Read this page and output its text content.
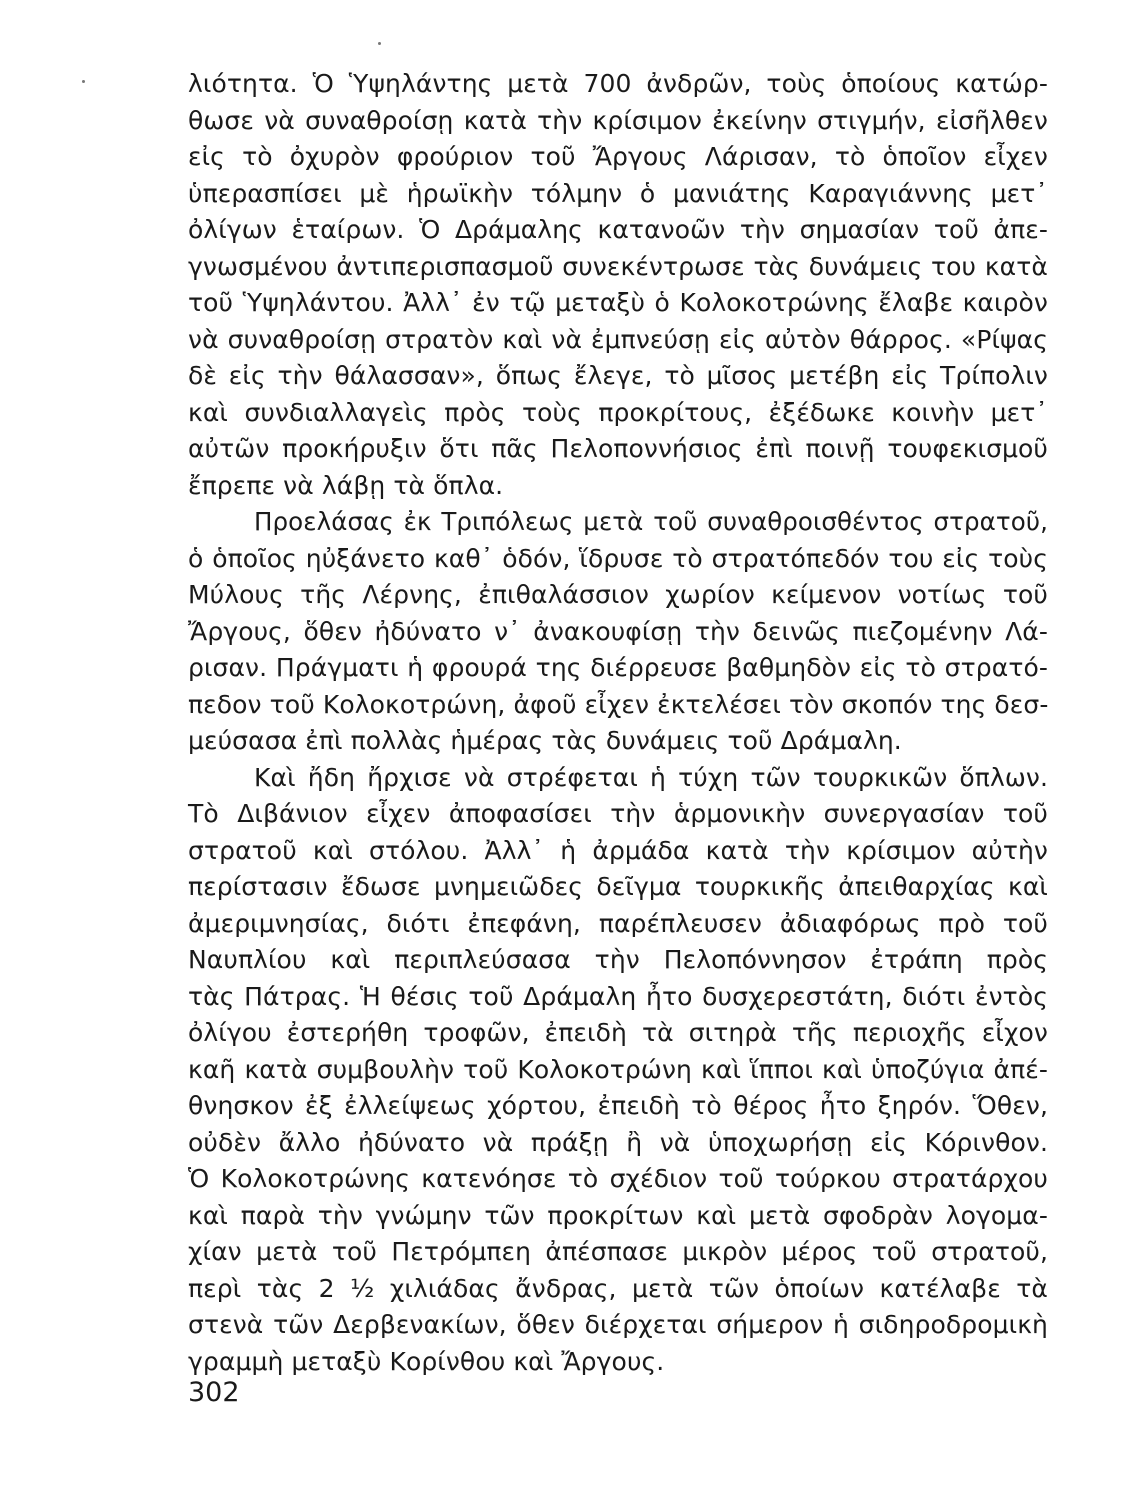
λιότητα. Ὁ Ὑψηλάντης μετὰ 700 ἀνδρῶν, τοὺς ὁποίους κατώρ-
θωσε νὰ συναθροίσῃ κατὰ τὴν κρίσιμον ἐκείνην στιγμήν, εἰσῆλθεν
εἰς τὸ ὀχυρὸν φρούριον τοῦ Ἄργους Λάρισαν, τὸ ὁποῖον εἶχεν
ὑπερασπίσει μὲ ἡρωϊκὴν τόλμην ὁ μανιάτης Καραγιάννης μετ᾿
ὀλίγων ἑταίρων. Ὁ Δράμαλης κατανοῶν τὴν σημασίαν τοῦ ἀπε-
γνωσμένου ἀντιπερισπασμοῦ συνεκέντρωσε τὰς δυνάμεις του κατὰ
τοῦ Ὑψηλάντου. Ἀλλ᾿ ἐν τῷ μεταξὺ ὁ Κολοκοτρώνης ἔλαβε καιρὸν
νὰ συναθροίσῃ στρατὸν καὶ νὰ ἐμπνεύσῃ εἰς αὐτὸν θάρρος. «Ρίψας
δὲ εἰς τὴν θάλασσαν», ὅπως ἔλεγε, τὸ μῖσος μετέβη εἰς Τρίπολιν
καὶ συνδιαλλαγεὶς πρὸς τοὺς προκρίτους, ἐξέδωκε κοινὴν μετ᾿
αὐτῶν προκήρυξιν ὅτι πᾶς Πελοποννήσιος ἐπὶ ποινῇ τουφεκισμοῦ
ἔπρεπε νὰ λάβῃ τὰ ὅπλα.
Προελάσας ἐκ Τριπόλεως μετὰ τοῦ συναθροισθέντος στρατοῦ,
ὁ ὁποῖος ηὐξάνετο καθ᾿ ὁδόν, ἵδρυσε τὸ στρατόπεδόν του εἰς τοὺς
Μύλους τῆς Λέρνης, ἐπιθαλάσσιον χωρίον κείμενον νοτίως τοῦ
Ἄργους, ὅθεν ἠδύνατο ν᾿ ἀνακουφίσῃ τὴν δεινῶς πιεζομένην Λά-
ρισαν. Πράγματι ἡ φρουρά της διέρρευσε βαθμηδὸν εἰς τὸ στρατό-
πεδον τοῦ Κολοκοτρώνη, ἀφοῦ εἶχεν ἐκτελέσει τὸν σκοπόν της δεσ-
μεύσασα ἐπὶ πολλὰς ἡμέρας τὰς δυνάμεις τοῦ Δράμαλη.
Καὶ ἤδη ἤρχισε νὰ στρέφεται ἡ τύχη τῶν τουρκικῶν ὅπλων.
Τὸ Διβάνιον εἶχεν ἀποφασίσει τὴν ἁρμονικὴν συνεργασίαν τοῦ
στρατοῦ καὶ στόλου. Ἀλλ᾿ ἡ ἀρμάδα κατὰ τὴν κρίσιμον αὐτὴν
περίστασιν ἔδωσε μνημειῶδες δεῖγμα τουρκικῆς ἀπειθαρχίας καὶ
ἀμεριμνησίας, διότι ἐπεφάνη, παρέπλευσεν ἀδιαφόρως πρὸ τοῦ
Ναυπλίου καὶ περιπλεύσασα τὴν Πελοπόννησον ἐτράπη πρὸς
τὰς Πάτρας. Ἡ θέσις τοῦ Δράμαλη ἦτο δυσχερεστάτη, διότι ἐντὸς
ὀλίγου ἐστερήθη τροφῶν, ἐπειδὴ τὰ σιτηρὰ τῆς περιοχῆς εἶχον
καῆ κατὰ συμβουλὴν τοῦ Κολοκοτρώνη καὶ ἵπποι καὶ ὑποζύγια ἀπέ-
θνησκον ἐξ ἐλλείψεως χόρτου, ἐπειδὴ τὸ θέρος ἦτο ξηρόν. Ὅθεν,
οὐδὲν ἄλλο ἠδύνατο νὰ πράξῃ ἢ νὰ ὑποχωρήσῃ εἰς Κόρινθον.
Ὁ Κολοκοτρώνης κατενόησε τὸ σχέδιον τοῦ τούρκου στρατάρχου
καὶ παρὰ τὴν γνώμην τῶν προκρίτων καὶ μετὰ σφοδρὰν λογομα-
χίαν μετὰ τοῦ Πετρόμπεη ἀπέσπασε μικρὸν μέρος τοῦ στρατοῦ,
περὶ τὰς 2 ½ χιλιάδας ἄνδρας, μετὰ τῶν ὁποίων κατέλαβε τὰ
στενὰ τῶν Δερβενακίων, ὅθεν διέρχεται σήμερον ἡ σιδηροδρομικὴ
γραμμὴ μεταξὺ Κορίνθου καὶ Ἄργους.
302
